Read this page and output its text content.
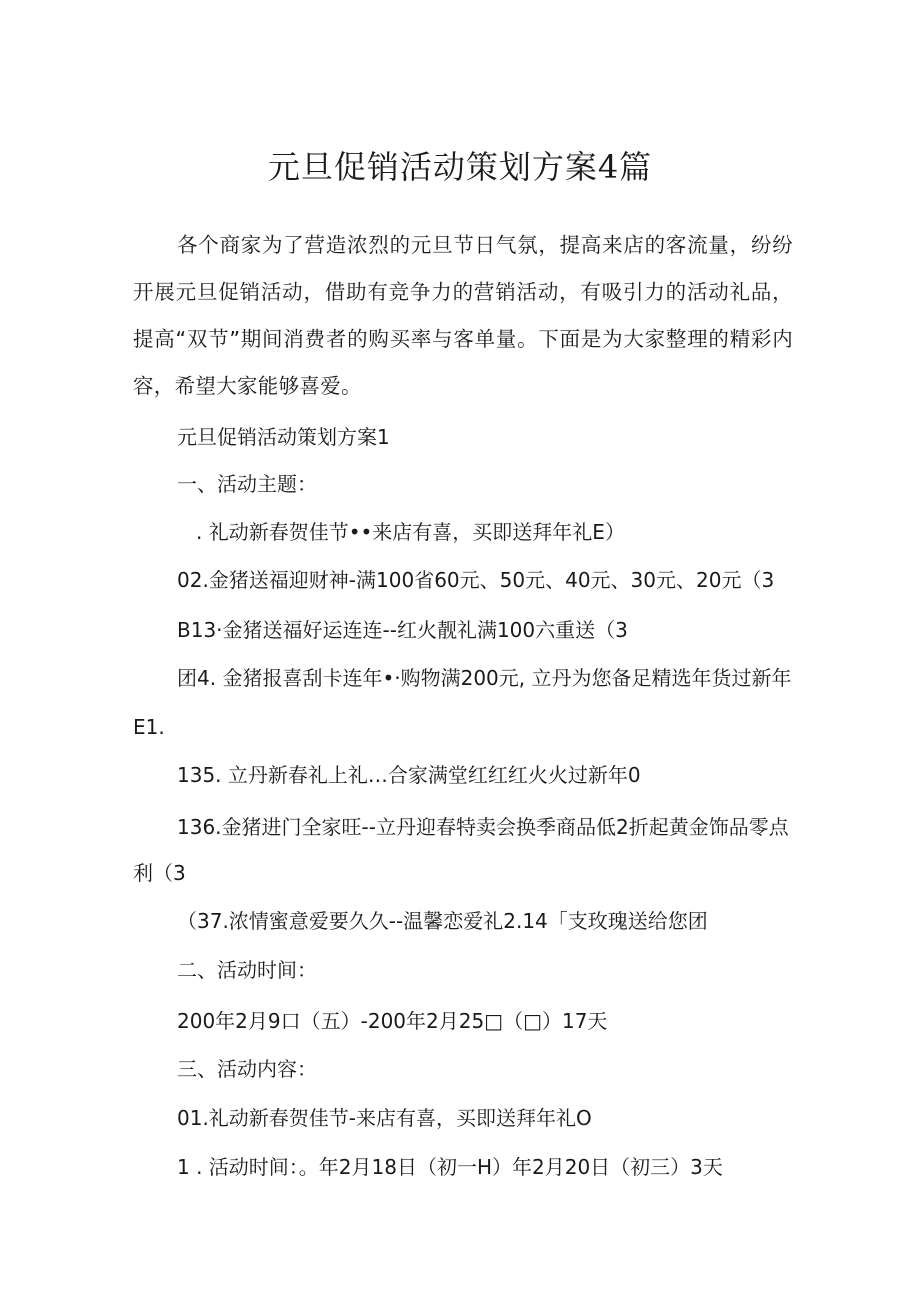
元旦促销活动策划方案4篇
各个商家为了营造浓烈的元旦节日气氛，提高来店的客流量，纷纷开展元旦促销活动，借助有竞争力的营销活动，有吸引力的活动礼品，提高“双节”期间消费者的购买率与客单量。下面是为大家整理的精彩内容，希望大家能够喜爱。
元旦促销活动策划方案1
一、活动主题：
. 礼动新春贺佳节••来店有喜，买即送拜年礼E）
02.金猪送福迎财神-满100省60元、50元、40元、30元、20元（3
B13·金猪送福好运连连--红火靓礼满100六重送（3
团4. 金猪报喜刮卡连年•·购物满200元, 立丹为您备足精选年货过新年
E1.
135. 立丹新春礼上礼…合家满堂红红红火火过新年0
136.金猪进门全家旺--立丹迎春特卖会换季商品低2折起黄金饰品零点
利（3
（37.浓情蜜意爱要久久--温馨恋爱礼2.14「支玫瑰送给您团
二、活动时间：
200年2月9口（五）-200年2月25□（□）17天
三、活动内容：
01.礼动新春贺佳节-来店有喜，买即送拜年礼O
1 . 活动时间：。年2月18日（初一H）年2月20日（初三）3天
